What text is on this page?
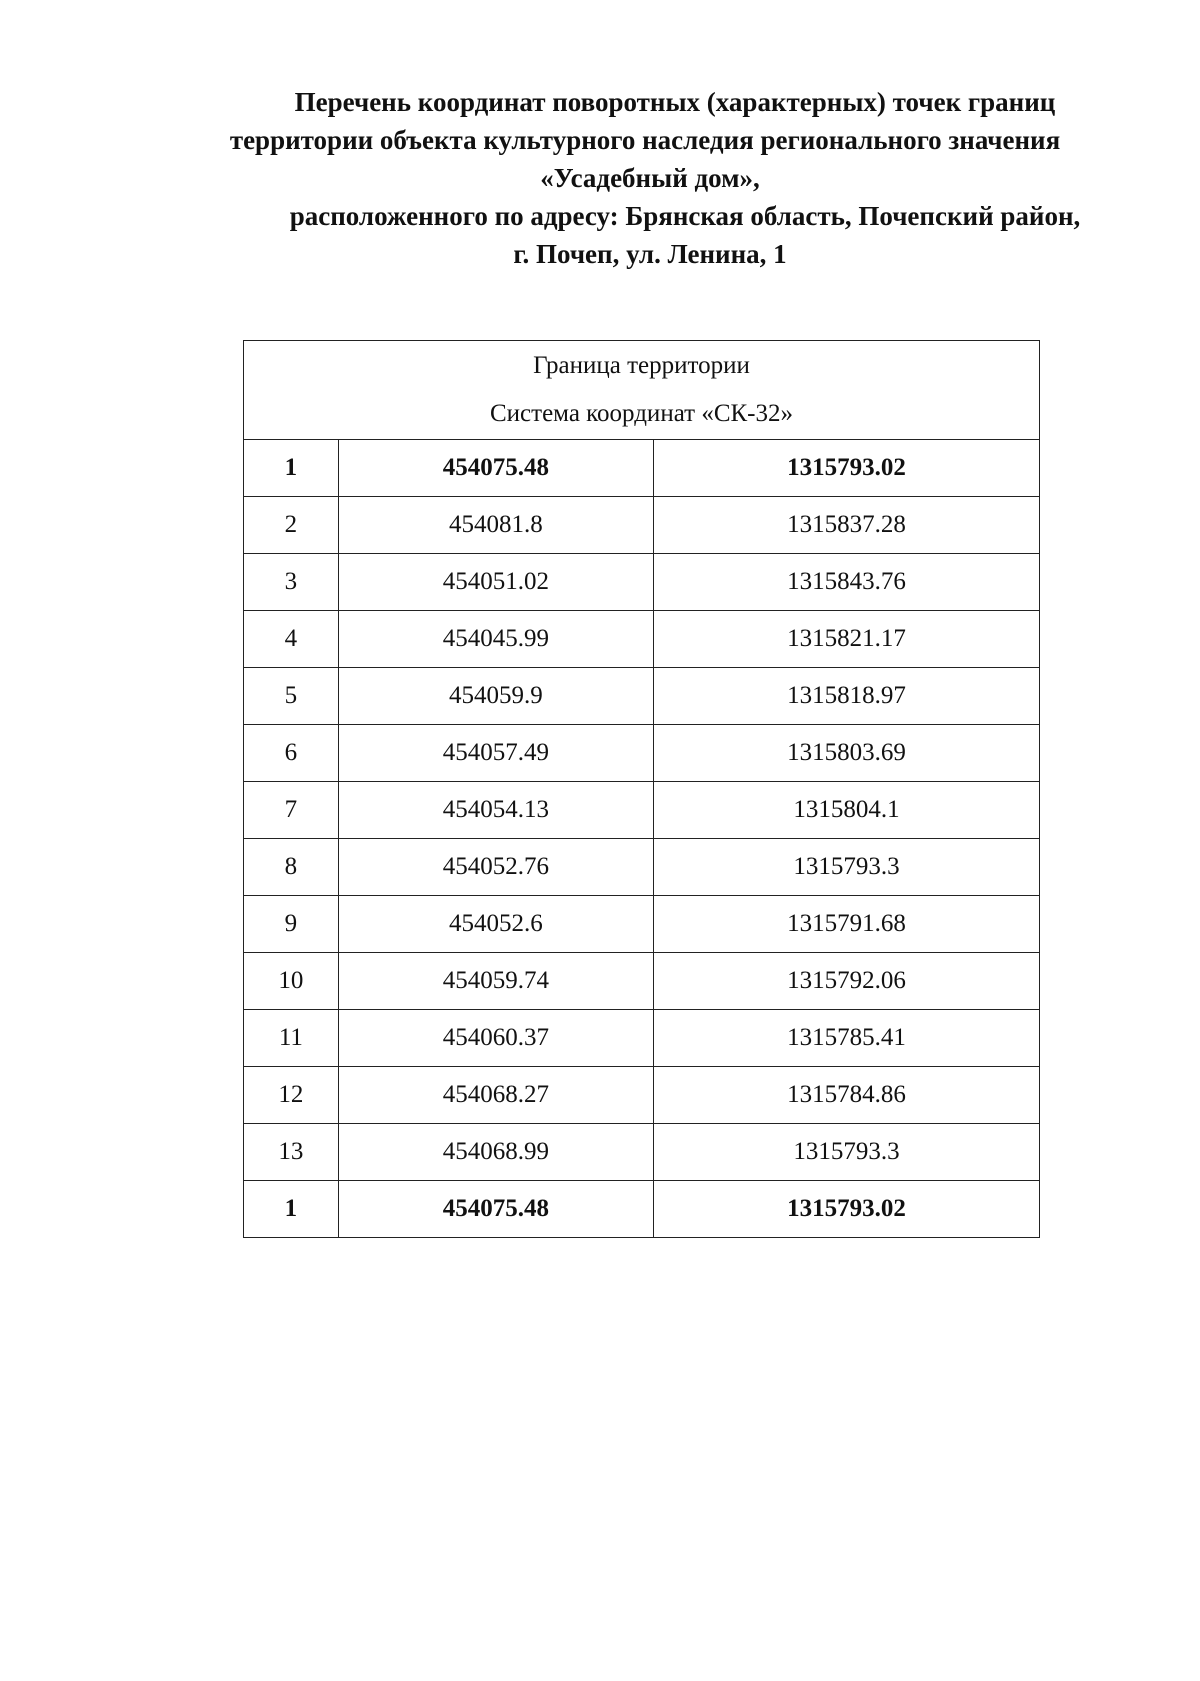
Перечень координат поворотных (характерных) точек границ
территории объекта культурного наследия регионального значения
«Усадебный дом»,
расположенного по адресу: Брянская область, Почепский район,
г. Почеп, ул. Ленина, 1
Граница территории
Система координат «СК-32»		

1	454075.48	1315793.02
2	454081.8	1315837.28
3	454051.02	1315843.76
4	454045.99	1315821.17
5	454059.9	1315818.97
6	454057.49	1315803.69
7	454054.13	1315804.1
8	454052.76	1315793.3
9	454052.6	1315791.68
10	454059.74	1315792.06
11	454060.37	1315785.41
12	454068.27	1315784.86
13	454068.99	1315793.3
1	454075.48	1315793.02
